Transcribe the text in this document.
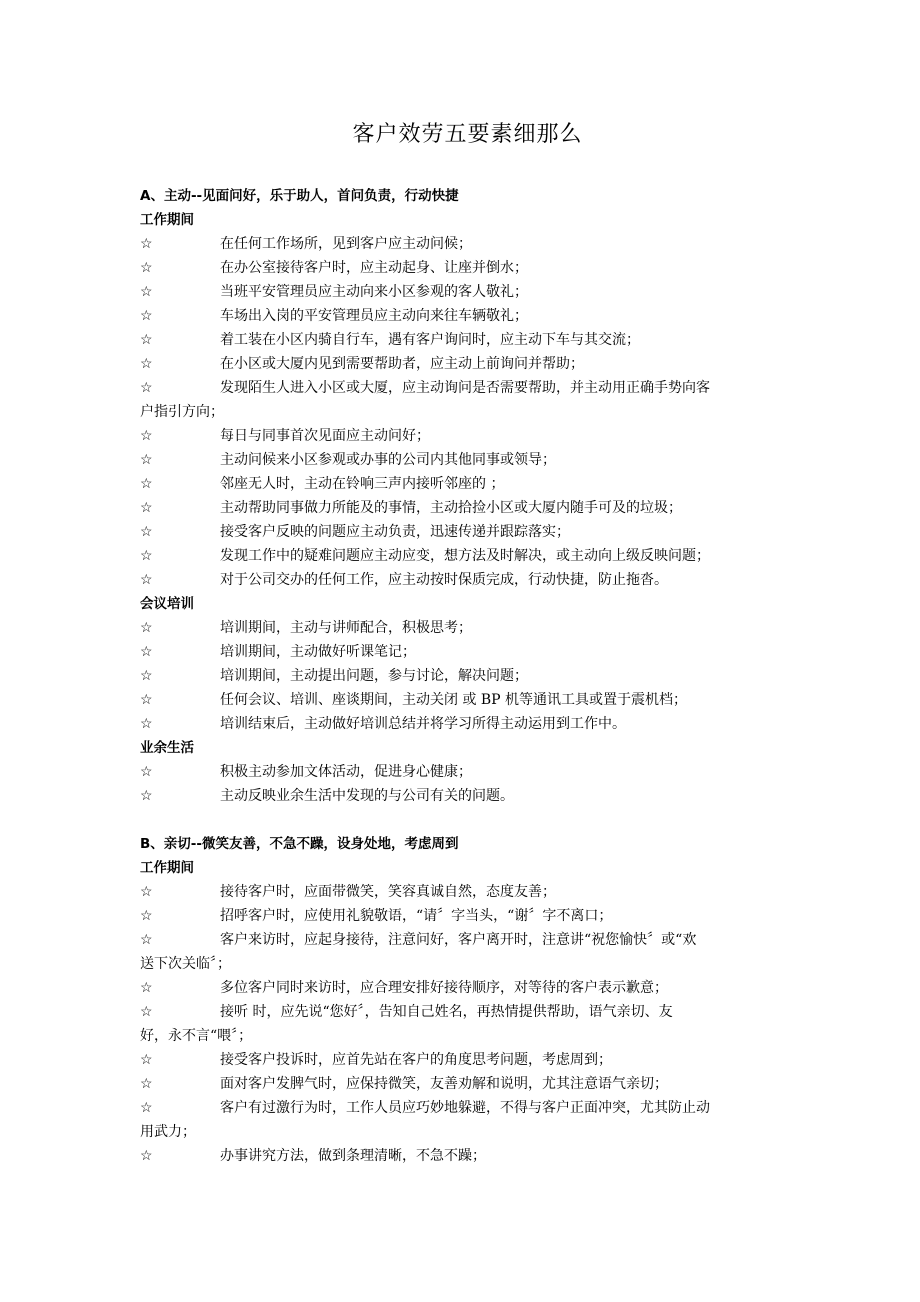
客户效劳五要素细那么
A、主动--见面问好，乐于助人，首问负责，行动快捷
工作期间
☆	在任何工作场所，见到客户应主动问候；
☆	在办公室接待客户时，应主动起身、让座并倒水；
☆	当班平安管理员应主动向来小区参观的客人敬礼；
☆	车场出入岗的平安管理员应主动向来往车辆敬礼；
☆	着工装在小区内骑自行车，遇有客户询问时，应主动下车与其交流；
☆	在小区或大厦内见到需要帮助者，应主动上前询问并帮助；
☆	发现陌生人进入小区或大厦，应主动询问是否需要帮助，并主动用正确手势向客
户指引方向；
☆	每日与同事首次见面应主动问好；
☆	主动问候来小区参观或办事的公司内其他同事或领导；
☆	邻座无人时，主动在铃响三声内接听邻座的 ；
☆	主动帮助同事做力所能及的事情，主动拾捡小区或大厦内随手可及的垃圾；
☆	接受客户反映的问题应主动负责，迅速传递并跟踪落实；
☆	发现工作中的疑难问题应主动应变，想方法及时解决，或主动向上级反映问题；
☆	对于公司交办的任何工作，应主动按时保质完成，行动快捷，防止拖沓。
会议培训
☆	培训期间，主动与讲师配合，积极思考；
☆	培训期间，主动做好听课笔记；
☆	培训期间，主动提出问题，参与讨论，解决问题；
☆	任何会议、培训、座谈期间，主动关闭 或 BP 机等通讯工具或置于震机档；
☆	培训结束后，主动做好培训总结并将学习所得主动运用到工作中。
业余生活
☆	积极主动参加文体活动，促进身心健康；
☆	主动反映业余生活中发现的与公司有关的问题。
B、亲切--微笑友善，不急不躁，设身处地，考虑周到
工作期间
☆	接待客户时，应面带微笑，笑容真诚自然，态度友善；
☆	招呼客户时，应使用礼貌敬语，“请〞字当头，“谢〞字不离口；
☆	客户来访时，应起身接待，注意问好，客户离开时，注意讲“祝您愉快〞或“欢
送下次关临〞；
☆	多位客户同时来访时，应合理安排好接待顺序，对等待的客户表示歉意；
☆	接听 时，应先说“您好〞，告知自己姓名，再热情提供帮助，语气亲切、友
好，永不言“喂〞；
☆	接受客户投诉时，应首先站在客户的角度思考问题，考虑周到；
☆	面对客户发脾气时，应保持微笑，友善劝解和说明，尤其注意语气亲切；
☆	客户有过激行为时，工作人员应巧妙地躲避，不得与客户正面冲突，尤其防止动
用武力；
☆	办事讲究方法，做到条理清晰，不急不躁；
